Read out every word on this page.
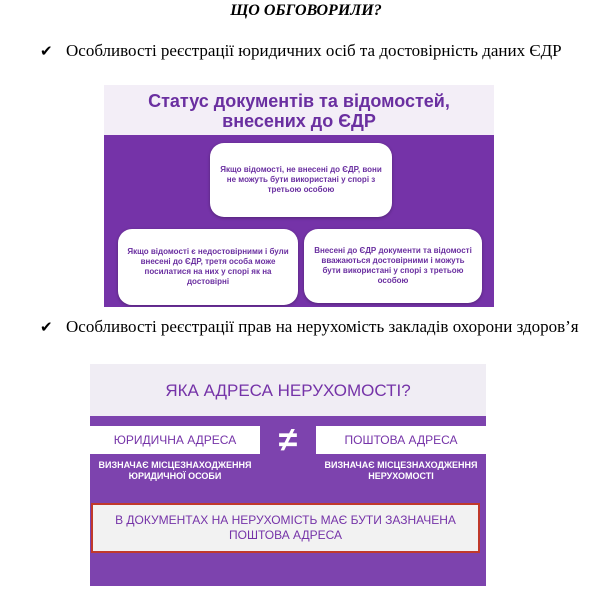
ЩО ОБГОВОРИЛИ?
✔ Особливості реєстрації юридичних осіб та достовірність даних ЄДР
Статус документів та відомостей,
внесених до ЄДР
Якщо відомості, не внесені до ЄДР, вони не можуть бути використані у спорі з третьою особою
Якщо відомості є недостовірними і були внесені до ЄДР, третя особа може посилатися на них у спорі як на достовірні
Внесені до ЄДР документи та відомості вважаються достовірними і можуть бути використані у спорі з третьою особою
✔ Особливості реєстрації прав на нерухомість закладів охорони здоров’я
ЯКА АДРЕСА НЕРУХОМОСТІ?
ЮРИДИЧНА АДРЕСА	≠	ПОШТОВА АДРЕСА
ВИЗНАЧАЄ МІСЦЕЗНАХОДЖЕННЯ ЮРИДИЧНОЇ ОСОБИ
ВИЗНАЧАЄ МІСЦЕЗНАХОДЖЕННЯ НЕРУХОМОСТІ
В ДОКУМЕНТАХ НА НЕРУХОМІСТЬ МАЄ БУТИ ЗАЗНАЧЕНА ПОШТОВА АДРЕСА
